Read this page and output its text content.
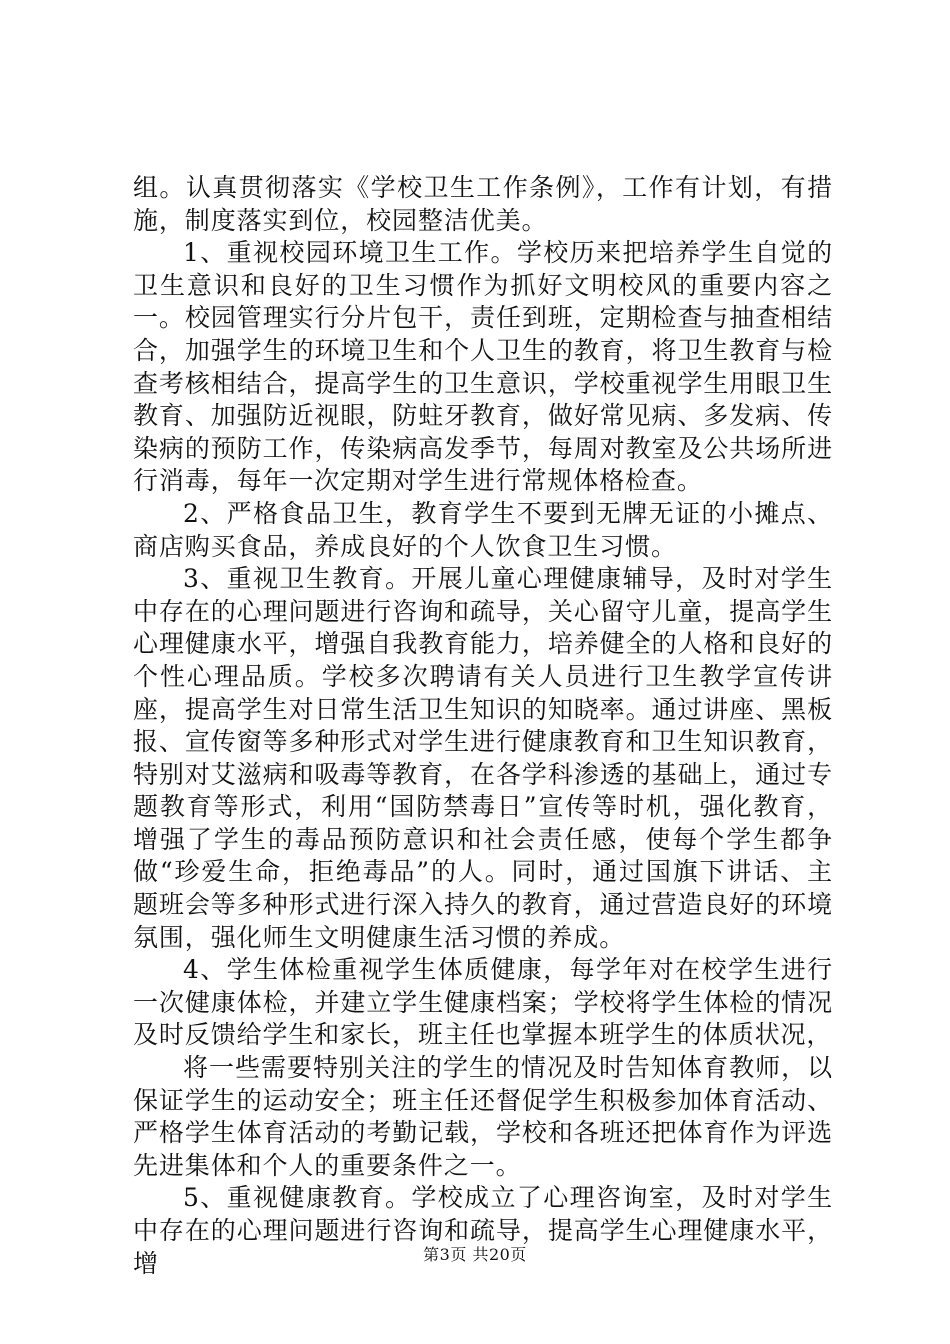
组。认真贯彻落实《学校卫生工作条例》，工作有计划，有措施，制度落实到位，校园整洁优美。

1、重视校园环境卫生工作。学校历来把培养学生自觉的卫生意识和良好的卫生习惯作为抓好文明校风的重要内容之一。校园管理实行分片包干，责任到班，定期检查与抽查相结合，加强学生的环境卫生和个人卫生的教育，将卫生教育与检查考核相结合，提高学生的卫生意识，学校重视学生用眼卫生教育、加强防近视眼，防蛀牙教育，做好常见病、多发病、传染病的预防工作，传染病高发季节，每周对教室及公共场所进行消毒，每年一次定期对学生进行常规体格检查。

2、严格食品卫生，教育学生不要到无牌无证的小摊点、商店购买食品，养成良好的个人饮食卫生习惯。

3、重视卫生教育。开展儿童心理健康辅导，及时对学生中存在的心理问题进行咨询和疏导，关心留守儿童，提高学生心理健康水平，增强自我教育能力，培养健全的人格和良好的个性心理品质。学校多次聘请有关人员进行卫生教学宣传讲座，提高学生对日常生活卫生知识的知晓率。通过讲座、黑板报、宣传窗等多种形式对学生进行健康教育和卫生知识教育，特别对艾滋病和吸毒等教育，在各学科渗透的基础上，通过专题教育等形式，利用“国防禁毒日”宣传等时机，强化教育，增强了学生的毒品预防意识和社会责任感，使每个学生都争做“珍爱生命，拒绝毒品”的人。同时，通过国旗下讲话、主题班会等多种形式进行深入持久的教育，通过营造良好的环境氛围，强化师生文明健康生活习惯的养成。

4、学生体检重视学生体质健康，每学年对在校学生进行一次健康体检，并建立学生健康档案；学校将学生体检的情况及时反馈给学生和家长，班主任也掌握本班学生的体质状况，

将一些需要特别关注的学生的情况及时告知体育教师，以保证学生的运动安全；班主任还督促学生积极参加体育活动、严格学生体育活动的考勤记载，学校和各班还把体育作为评选先进集体和个人的重要条件之一。

5、重视健康教育。学校成立了心理咨询室，及时对学生中存在的心理问题进行咨询和疏导，提高学生心理健康水平，增	第3页 共20页
